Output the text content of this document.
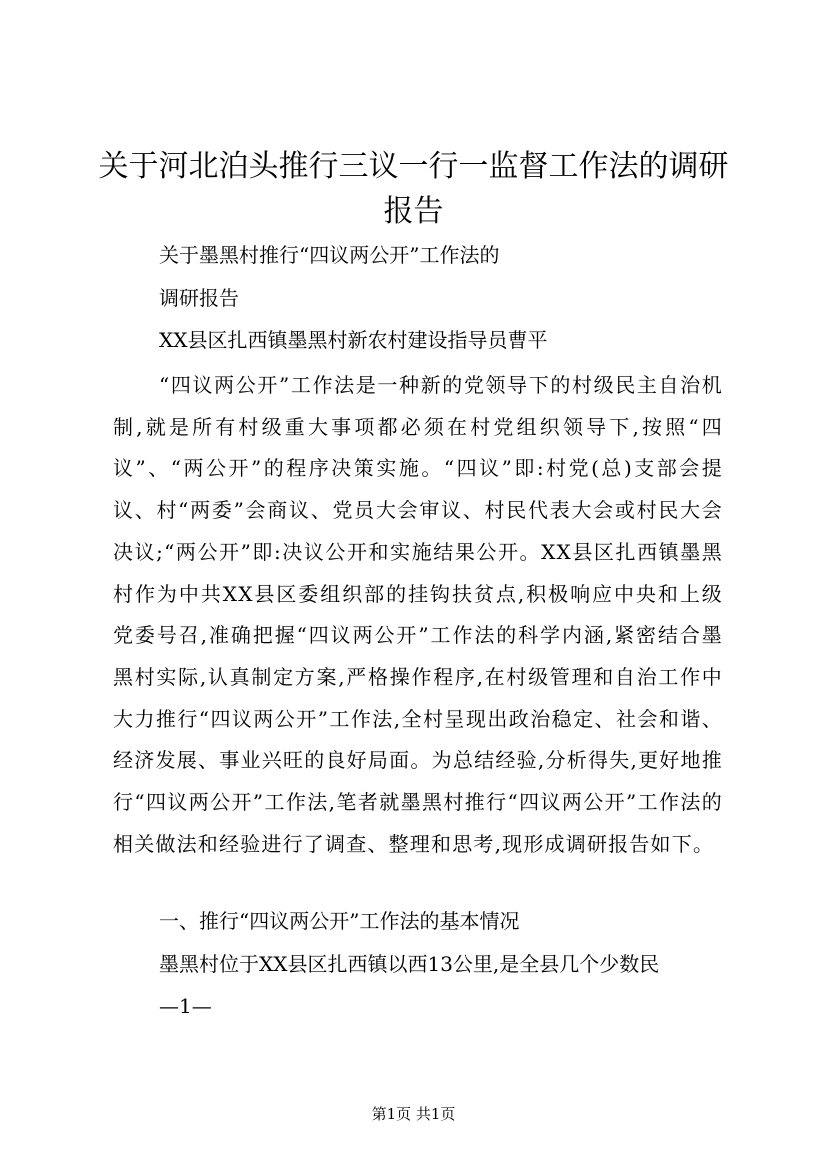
关于河北泊头推行三议一行一监督工作法的调研报告
关于墨黑村推行“四议两公开”工作法的
调研报告
XX县区扎西镇墨黑村新农村建设指导员曹平
“四议两公开”工作法是一种新的党领导下的村级民主自治机制,就是所有村级重大事项都必须在村党组织领导下,按照“四议”、“两公开”的程序决策实施。“四议”即:村党(总)支部会提议、村“两委”会商议、党员大会审议、村民代表大会或村民大会决议;“两公开”即:决议公开和实施结果公开。XX县区扎西镇墨黑村作为中共XX县区委组织部的挂钩扶贫点,积极响应中央和上级党委号召,准确把握“四议两公开”工作法的科学内涵,紧密结合墨黑村实际,认真制定方案,严格操作程序,在村级管理和自治工作中大力推行“四议两公开”工作法,全村呈现出政治稳定、社会和谐、经济发展、事业兴旺的良好局面。为总结经验,分析得失,更好地推行“四议两公开”工作法,笔者就墨黑村推行“四议两公开”工作法的相关做法和经验进行了调查、整理和思考,现形成调研报告如下。
一、推行“四议两公开”工作法的基本情况
墨黑村位于XX县区扎西镇以西13公里,是全县几个少数民
—1—
第1页 共1页
